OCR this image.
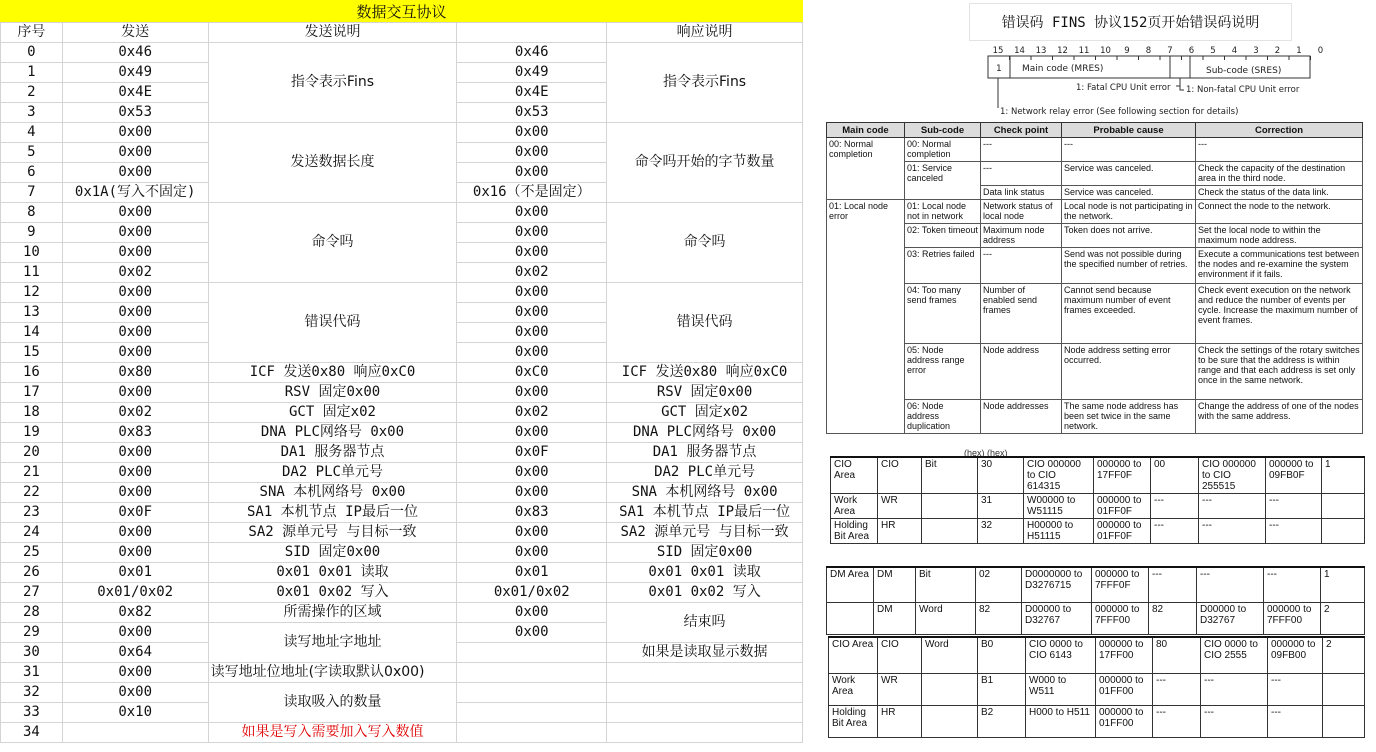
数据交互协议
序号	发送	发送说明		响应说明
0	0x46	指令表示Fins	0x46	指令表示Fins
1	0x49		0x49	
2	0x4E		0x4E	
3	0x53		0x53	
4	0x00	发送数据长度	0x00	命令吗开始的字节数量
5	0x00		0x00	
6	0x00		0x00	
7	0x1A(写入不固定)		0x16（不是固定）	
8	0x00	命令吗	0x00	命令吗
9	0x00		0x00	
10	0x00		0x00	
11	0x02		0x02	
12	0x00	错误代码	0x00	错误代码
13	0x00		0x00	
14	0x00		0x00	
15	0x00		0x00	
16	0x80	ICF 发送0x80 响应0xC0	0xC0	ICF 发送0x80 响应0xC0
17	0x00	RSV 固定0x00	0x00	RSV 固定0x00
18	0x02	GCT 固定x02	0x02	GCT 固定x02
19	0x83	DNA PLC网络号 0x00	0x00	DNA PLC网络号 0x00
20	0x00	DA1 服务器节点	0x0F	DA1 服务器节点
21	0x00	DA2 PLC单元号	0x00	DA2 PLC单元号
22	0x00	SNA 本机网络号 0x00	0x00	SNA 本机网络号 0x00
23	0x0F	SA1 本机节点 IP最后一位	0x83	SA1 本机节点 IP最后一位
24	0x00	SA2 源单元号 与目标一致	0x00	SA2 源单元号 与目标一致
25	0x00	SID 固定0x00	0x00	SID 固定0x00
26	0x01	0x01 0x01 读取	0x01	0x01 0x01 读取
27	0x01/0x02	0x01 0x02 写入	0x01/0x02	0x01 0x02 写入
28	0x82	所需操作的区域	0x00	结束吗
29	0x00	读写地址字地址	0x00	
30	0x64			如果是读取显示数据
31	0x00	读写地址位地址(字读取默认0x00)		
32	0x00	读取吸入的数量		
33	0x10			
34		如果是写入需要加入写入数值		
错误码 FINS 协议152页开始错误码说明
15 14 13 12 11 10 9 8 7 6 5 4 3 2 1 0
1 Main code (MRES)	Sub-code (SRES)
1: Fatal CPU Unit error 1: Non-fatal CPU Unit error
1: Network relay error (See following section for details)
Main code	Sub-code	Check point	Probable cause	Correction
00: Normal completion	00: Normal completion	---	---	---
	01: Service canceled	---	Service was canceled.	Check the capacity of the destination area in the third node.
		Data link status	Service was canceled.	Check the status of the data link.
01: Local node error	01: Local node not in network	Network status of local node	Local node is not participating in the network.	Connect the node to the network.
	02: Token timeout	Maximum node address	Token does not arrive.	Set the local node to within the maximum node address.
	03: Retries failed	---	Send was not possible during the specified number of retries.	Execute a communications test between the nodes and re-examine the system environment if it fails.
	04: Too many send frames	Number of enabled send frames	Cannot send because maximum number of event frames exceeded.	Check event execution on the network and reduce the number of events per cycle. Increase the maximum number of event frames.
	05: Node address range error	Node address	Node address setting error occurred.	Check the settings of the rotary switches to be sure that the address is within range and that each address is set only once in the same network.
	06: Node address duplication	Node addresses	The same node address has been set twice in the same network.	Change the address of one of the nodes with the same address.
(hex) (hex)
CIO Area	CIO	Bit	30	CIO 000000 to CIO 614315	000000 to 17FF0F	00	CIO 000000 to CIO 255515	000000 to 09FB0F	1
Work Area	WR		31	W00000 to W51115	000000 to 01FF0F	---	---	---	
Holding Bit Area	HR		32	H00000 to H51115	000000 to 01FF0F	---	---	---	
DM Area	DM	Bit	02	D0000000 to D3276715	000000 to 7FFF0F	---	---	---	1
	DM	Word	82	D00000 to D32767	000000 to 7FFF00	82	D00000 to D32767	000000 to 7FFF00	2
CIO Area	CIO	Word	B0	CIO 0000 to CIO 6143	000000 to 17FF00	80	CIO 0000 to CIO 2555	000000 to 09FB00	2
Work Area	WR		B1	W000 to W511	000000 to 01FF00	---	---	---	
Holding Bit Area	HR		B2	H000 to H511	000000 to 01FF00	---	---	---	
